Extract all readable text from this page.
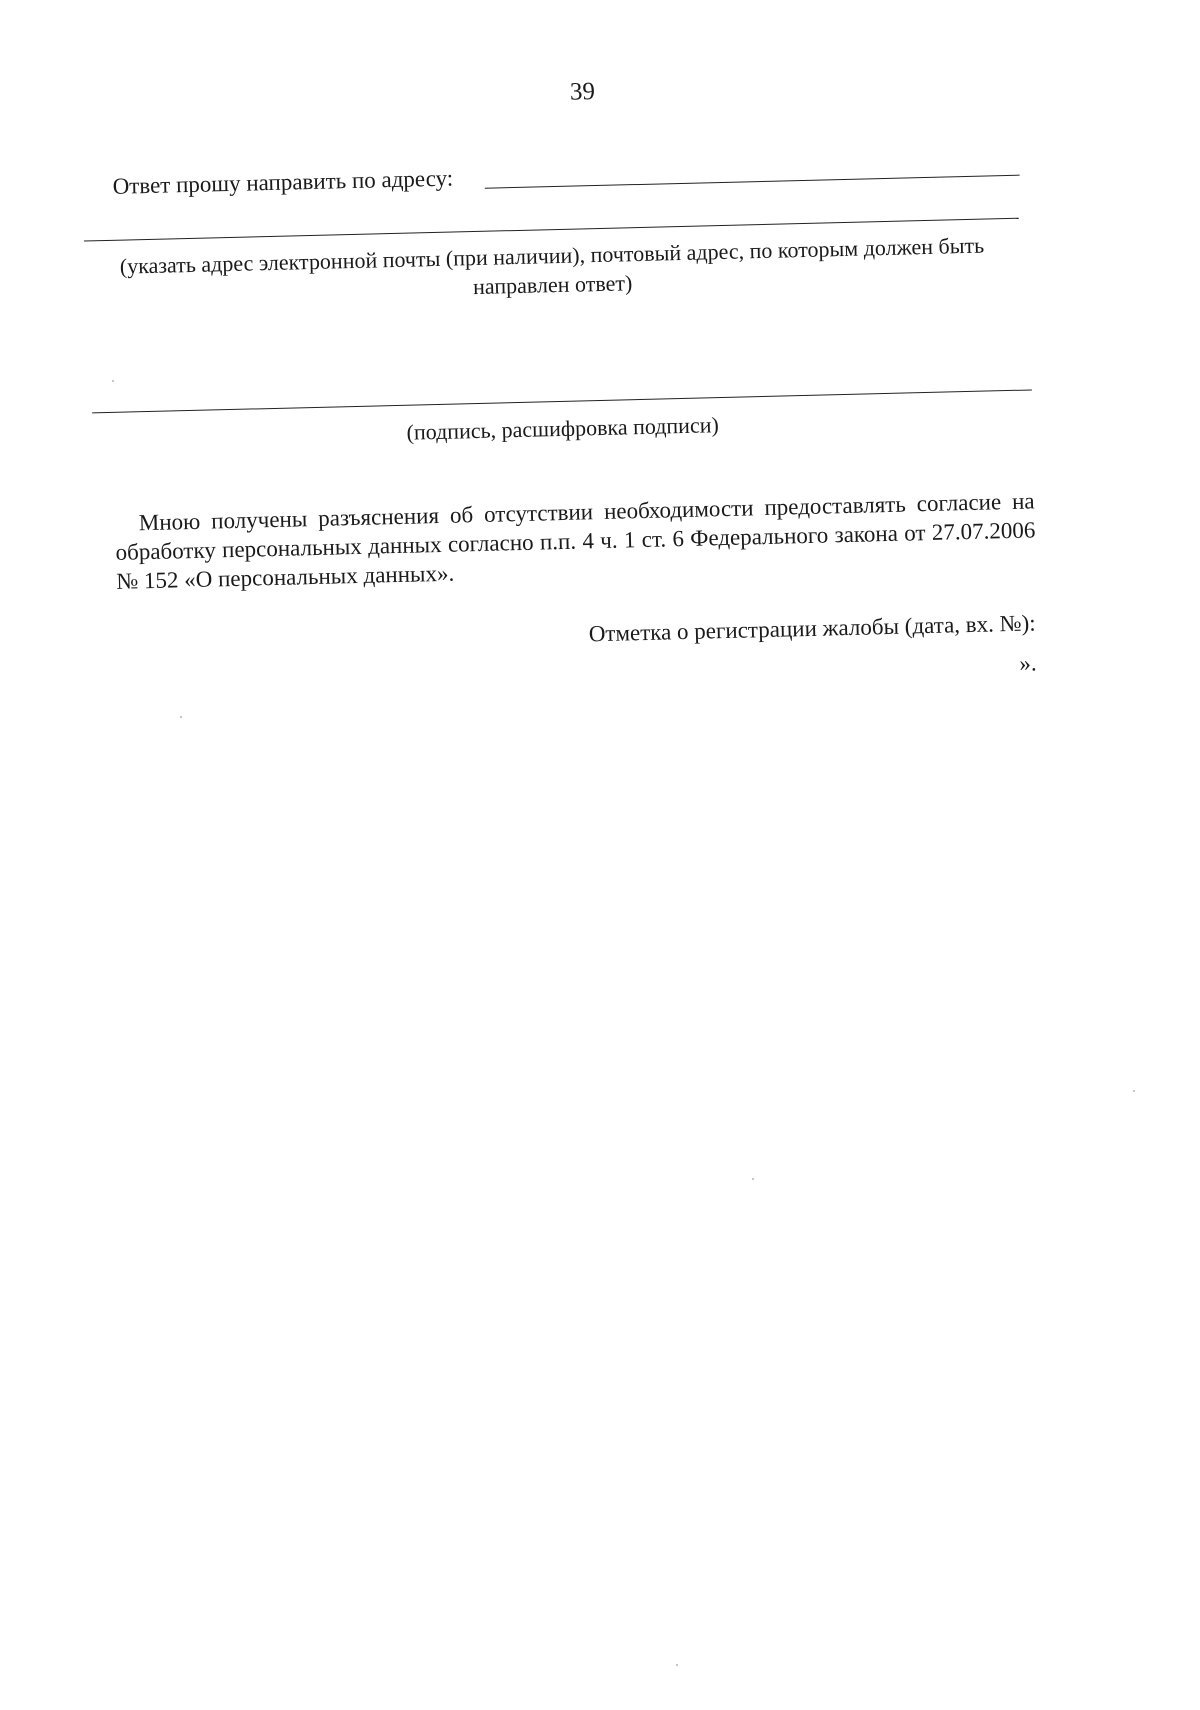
39
Ответ прошу направить по адресу:
(указать адрес электронной почты (при наличии), почтовый адрес, по которым должен быть направлен ответ)
(подпись, расшифровка подписи)
Мною получены разъяснения об отсутствии необходимости предоставлять согласие на обработку персональных данных согласно п.п. 4 ч. 1 ст. 6 Федерального закона от 27.07.2006 № 152 «О персональных данных».
Отметка о регистрации жалобы (дата, вх. №):
».
